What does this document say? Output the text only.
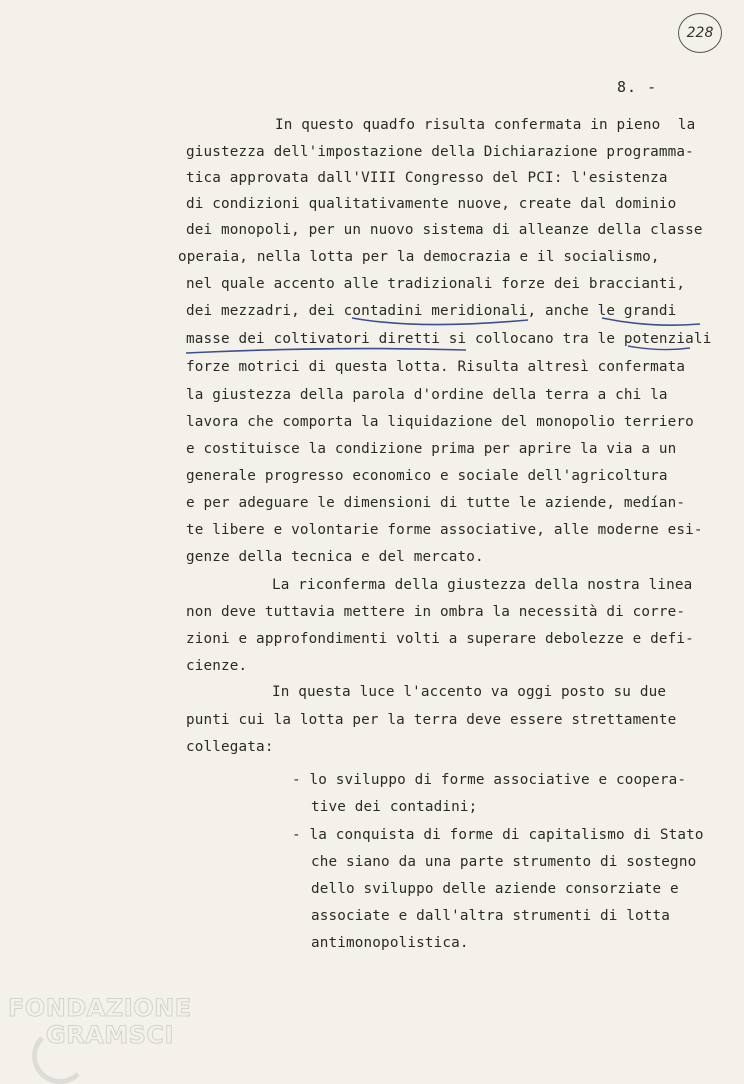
228
8. -
In questo quadfo risulta confermata in pieno  la
giustezza dell'impostazione della Dichiarazione programma-
tica approvata dall'VIII Congresso del PCI: l'esistenza
di condizioni qualitativamente nuove, create dal dominio
dei monopoli, per un nuovo sistema di alleanze della classe
operaia, nella lotta per la democrazia e il socialismo,
nel quale accento alle tradizionali forze dei braccianti,
dei mezzadri, dei contadini meridionali, anche le grandi
masse dei coltivatori diretti si collocano tra le potenziali
forze motrici di questa lotta. Risulta altresì confermata
la giustezza della parola d'ordine della terra a chi la
lavora che comporta la liquidazione del monopolio terriero
e costituisce la condizione prima per aprire la via a un
generale progresso economico e sociale dell'agricoltura
e per adeguare le dimensioni di tutte le aziende, medían-
te libere e volontarie forme associative, alle moderne esi-
genze della tecnica e del mercato.
La riconferma della giustezza della nostra linea
non deve tuttavia mettere in ombra la necessità di corre-
zioni e approfondimenti volti a superare debolezze e defi-
cienze.
In questa luce l'accento va oggi posto su due
punti cui la lotta per la terra deve essere strettamente
collegata:
- lo sviluppo di forme associative e coopera-
tive dei contadini;
- la conquista di forme di capitalismo di Stato
che siano da una parte strumento di sostegno
dello sviluppo delle aziende consorziate e
associate e dall'altra strumenti di lotta
antimonopolistica.
FONDAZIONE
GRAMSCI
